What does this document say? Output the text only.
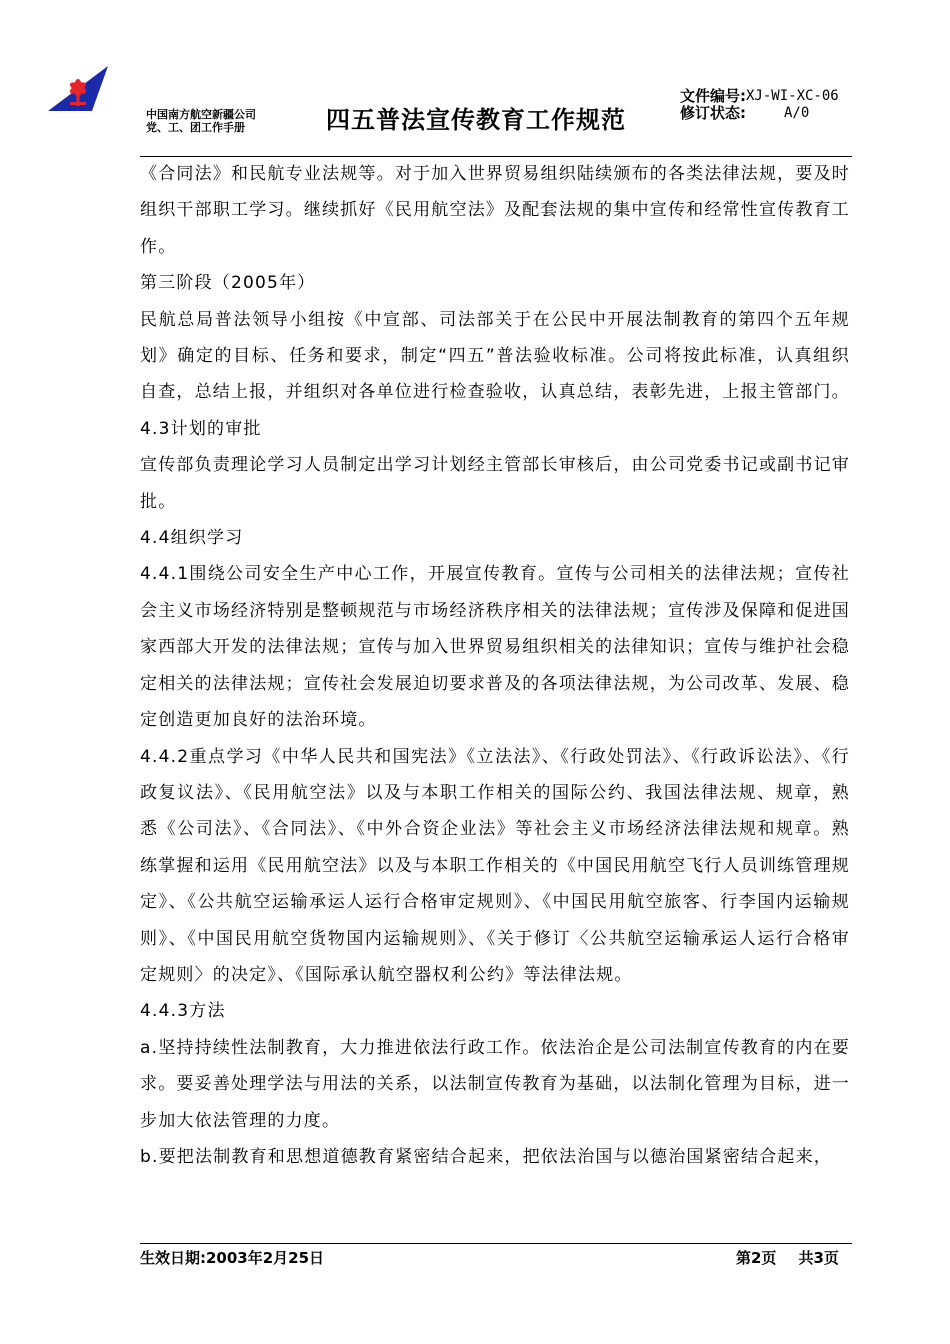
中国南方航空新疆公司
党、工、团工作手册	四五普法宣传教育工作规范
文件编号: XJ-WI-XC-06
修订状态:	A/0

《合同法》和民航专业法规等。对于加入世界贸易组织陆续颁布的各类法律法规，要及时组织干部职工学习。继续抓好《民用航空法》及配套法规的集中宣传和经常性宣传教育工作。

第三阶段（2005年）

民航总局普法领导小组按《中宣部、司法部关于在公民中开展法制教育的第四个五年规划》确定的目标、任务和要求，制定“四五”普法验收标准。公司将按此标准，认真组织自查，总结上报，并组织对各单位进行检查验收，认真总结，表彰先进，上报主管部门。

4.3计划的审批

宣传部负责理论学习人员制定出学习计划经主管部长审核后，由公司党委书记或副书记审批。

4.4组织学习

4.4.1围绕公司安全生产中心工作，开展宣传教育。宣传与公司相关的法律法规；宣传社会主义市场经济特别是整顿规范与市场经济秩序相关的法律法规；宣传涉及保障和促进国家西部大开发的法律法规；宣传与加入世界贸易组织相关的法律知识；宣传与维护社会稳定相关的法律法规；宣传社会发展迫切要求普及的各项法律法规，为公司改革、发展、稳定创造更加良好的法治环境。

4.4.2重点学习《中华人民共和国宪法》《立法法》、《行政处罚法》、《行政诉讼法》、《行政复议法》、《民用航空法》以及与本职工作相关的国际公约、我国法律法规、规章，熟悉《公司法》、《合同法》、《中外合资企业法》等社会主义市场经济法律法规和规章。熟练掌握和运用《民用航空法》以及与本职工作相关的《中国民用航空飞行人员训练管理规定》、《公共航空运输承运人运行合格审定规则》、《中国民用航空旅客、行李国内运输规则》、《中国民用航空货物国内运输规则》、《关于修订〈公共航空运输承运人运行合格审定规则〉的决定》、《国际承认航空器权利公约》等法律法规。

4.4.3方法

a.坚持持续性法制教育，大力推进依法行政工作。依法治企是公司法制宣传教育的内在要求。要妥善处理学法与用法的关系，以法制宣传教育为基础，以法制化管理为目标，进一步加大依法管理的力度。

b.要把法制教育和思想道德教育紧密结合起来，把依法治国与以德治国紧密结合起来，

生效日期:2003年2月25日	第2页 共3页
